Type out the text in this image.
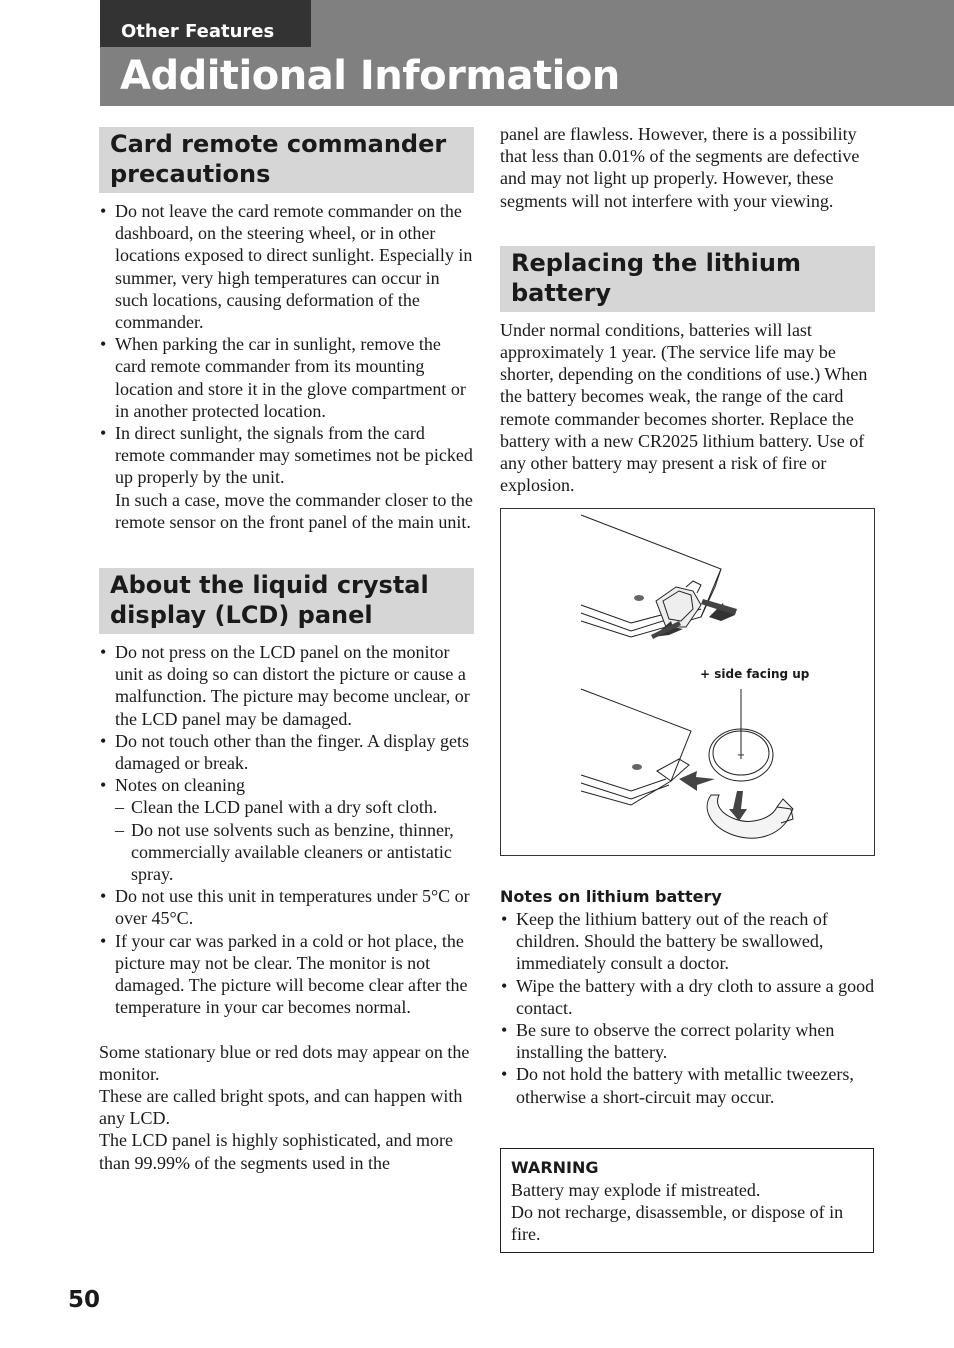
Other Features
Additional Information
Card remote commander precautions
• Do not leave the card remote commander on the dashboard, on the steering wheel, or in other locations exposed to direct sunlight. Especially in summer, very high temperatures can occur in such locations, causing deformation of the commander.
• When parking the car in sunlight, remove the card remote commander from its mounting location and store it in the glove compartment or in another protected location.
• In direct sunlight, the signals from the card remote commander may sometimes not be picked up properly by the unit.
In such a case, move the commander closer to the remote sensor on the front panel of the main unit.
About the liquid crystal display (LCD) panel
• Do not press on the LCD panel on the monitor unit as doing so can distort the picture or cause a malfunction. The picture may become unclear, or the LCD panel may be damaged.
• Do not touch other than the finger. A display gets damaged or break.
• Notes on cleaning
– Clean the LCD panel with a dry soft cloth.
– Do not use solvents such as benzine, thinner, commercially available cleaners or antistatic spray.
• Do not use this unit in temperatures under 5°C or over 45°C.
• If your car was parked in a cold or hot place, the picture may not be clear. The monitor is not damaged. The picture will become clear after the temperature in your car becomes normal.

Some stationary blue or red dots may appear on the monitor.

These are called bright spots, and can happen with any LCD.

The LCD panel is highly sophisticated, and more than 99.99% of the segments used in the

panel are flawless. However, there is a possibility that less than 0.01% of the segments are defective and may not light up properly. However, these segments will not interfere with your viewing.

Replacing the lithium battery

Under normal conditions, batteries will last approximately 1 year. (The service life may be shorter, depending on the conditions of use.) When the battery becomes weak, the range of the card remote commander becomes shorter. Replace the battery with a new CR2025 lithium battery. Use of any other battery may present a risk of fire or explosion.

+
+ side facing up

Notes on lithium battery

• Keep the lithium battery out of the reach of children. Should the battery be swallowed, immediately consult a doctor.
• Wipe the battery with a dry cloth to assure a good contact.
• Be sure to observe the correct polarity when installing the battery.
• Do not hold the battery with metallic tweezers, otherwise a short-circuit may occur.
WARNING
Battery may explode if mistreated.
Do not recharge, disassemble, or dispose of in fire.
50
